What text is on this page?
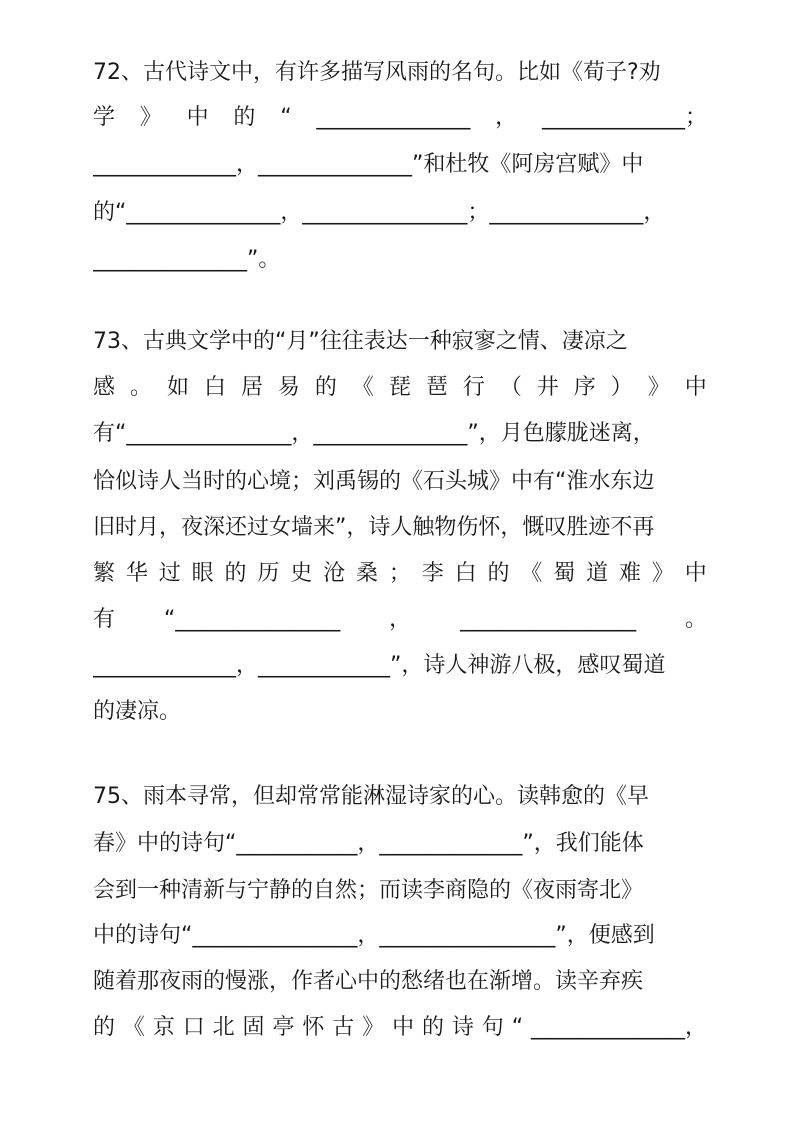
72、古代诗文中，有许多描写风雨的名句。比如《荀子?劝
学 》 中 的 “ ______________ ， _____________；
_____________，______________”和杜牧《阿房宫赋》中
的“______________，_______________；______________，
______________”。
73、古典文学中的“月”往往表达一种寂寥之情、凄凉之
感 。 如 白 居 易 的 《 琵 琶 行 （ 井 序 ） 》 中
有“_______________，______________”，月色朦胧迷离，
恰似诗人当时的心境；刘禹锡的《石头城》中有“淮水东边
旧时月，夜深还过女墙来”，诗人触物伤怀，慨叹胜迹不再
繁 华 过 眼 的 历 史 沧 桑 ； 李 白 的 《 蜀 道 难 》 中
有 “_______________ ， ________________ 。
_____________，____________”，诗人神游八极，感叹蜀道
的凄凉。
75、雨本寻常，但却常常能淋湿诗家的心。读韩愈的《早
春》中的诗句“___________，_____________”，我们能体
会到一种清新与宁静的自然；而读李商隐的《夜雨寄北》
中的诗句“_______________，________________”，便感到
随着那夜雨的慢涨，作者心中的愁绪也在渐增。读辛弃疾
的 《 京 口 北 固 亭 怀 古 》 中 的 诗 句 “ ______________，
